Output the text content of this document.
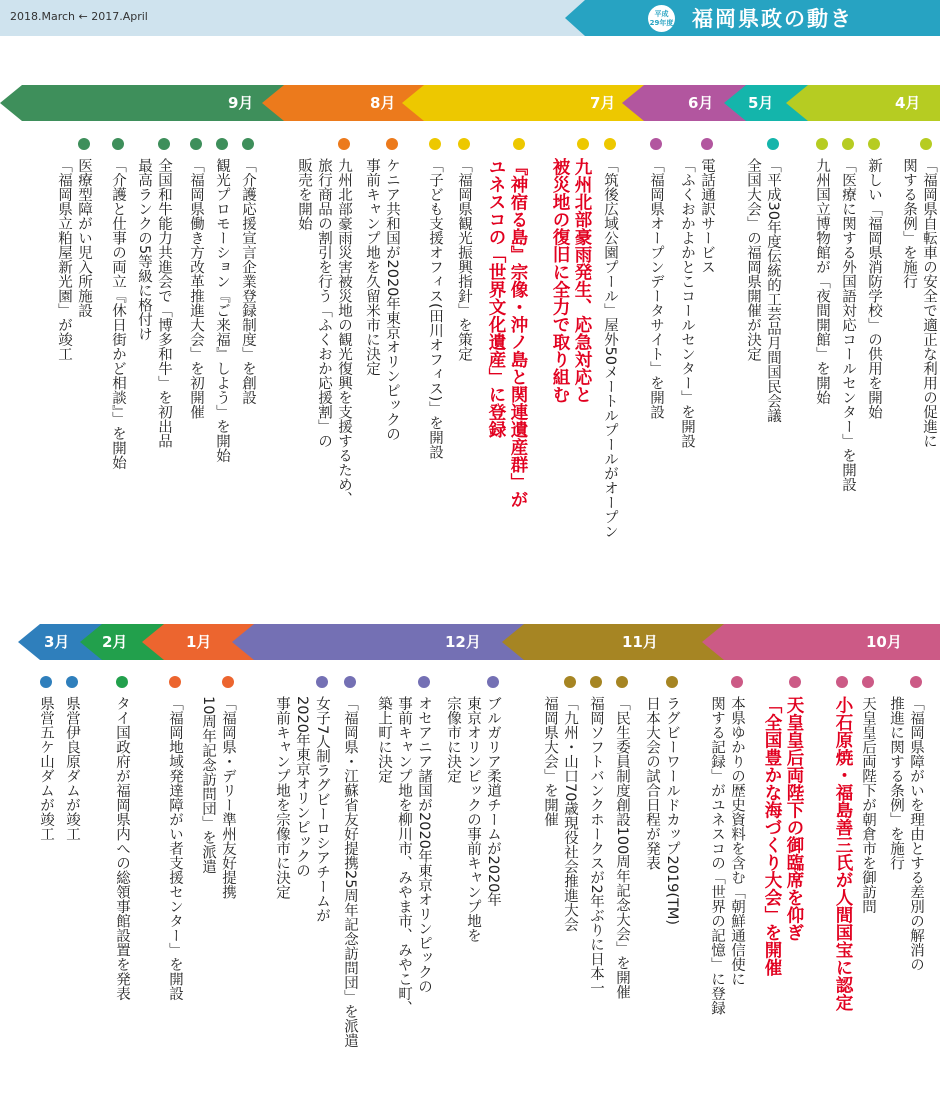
2018.March ← 2017.April	平成
29年度 福岡県政の動き
9月	8月	7月	6月 5月	4月
3月 2月	1月	12月	11月	10月
「福岡県自転車の安全で適正な利用の促進に
関する条例」を施行
新しい「福岡県消防学校」の供用を開始
「医療に関する外国語対応コールセンター」を開設
九州国立博物館が「夜間開館」を開始
「平成30年度伝統的工芸品月間国民会議
全国大会」の福岡県開催が決定
電話通訳サービス
「ふくおかよかとこコールセンター」を開設
「福岡県オープンデータサイト」を開設
「筑後広域公園プール」屋外50メートルプールがオープン
九州北部豪雨発生、応急対応と
被災地の復旧に全力で取り組む
『神宿る島』宗像・沖ノ島と関連遺産群」が
ユネスコの「世界文化遺産」に登録
「福岡県観光振興指針」を策定
「子ども支援オフィス(田川オフィス)」を開設
ケニア共和国が2020年東京オリンピックの
事前キャンプ地を久留米市に決定
九州北部豪雨災害被災地の観光復興を支援するため、
旅行商品の割引を行う「ふくおか応援割」の
販売を開始
「介護応援宣言企業登録制度」を創設
観光プロモーション『ご来福』しよう」を開始
「福岡県働き方改革推進大会」を初開催
全国和牛能力共進会で「博多和牛」を初出品
最高ランクの5等級に格付け
「介護と仕事の両立『休日街かど相談』」を開始
医療型障がい児入所施設
「福岡県立粕屋新光園」が竣工
「福岡県障がいを理由とする差別の解消の
推進に関する条例」を施行
天皇皇后両陛下が朝倉市を御訪問
小石原焼・福島善三氏が人間国宝に認定
天皇皇后両陛下の御臨席を仰ぎ
「全国豊かな海づくり大会」を開催
本県ゆかりの歴史資料を含む「朝鮮通信使に
関する記録」がユネスコの「世界の記憶」に登録
ラグビーワールドカップ2019(TM)
日本大会の試合日程が発表
「民生委員制度創設100周年記念大会」を開催
福岡ソフトバンクホークスが2年ぶりに日本一
「九州・山口70歳現役社会推進大会
福岡県大会」を開催
ブルガリア柔道チームが2020年
東京オリンピックの事前キャンプ地を
宗像市に決定
オセアニア諸国が2020年東京オリンピックの
事前キャンプ地を柳川市、みやま市、みやこ町、
築上町に決定
「福岡県・江蘇省友好提携25周年記念訪問団」を派遣
女子7人制ラグビーロシアチームが
2020年東京オリンピックの
事前キャンプ地を宗像市に決定
「福岡県・デリー準州友好提携
10周年記念訪問団」を派遣
「福岡地域発達障がい者支援センター」を開設
タイ国政府が福岡県内への総領事館設置を発表
県営伊良原ダムが竣工
県営五ケ山ダムが竣工
